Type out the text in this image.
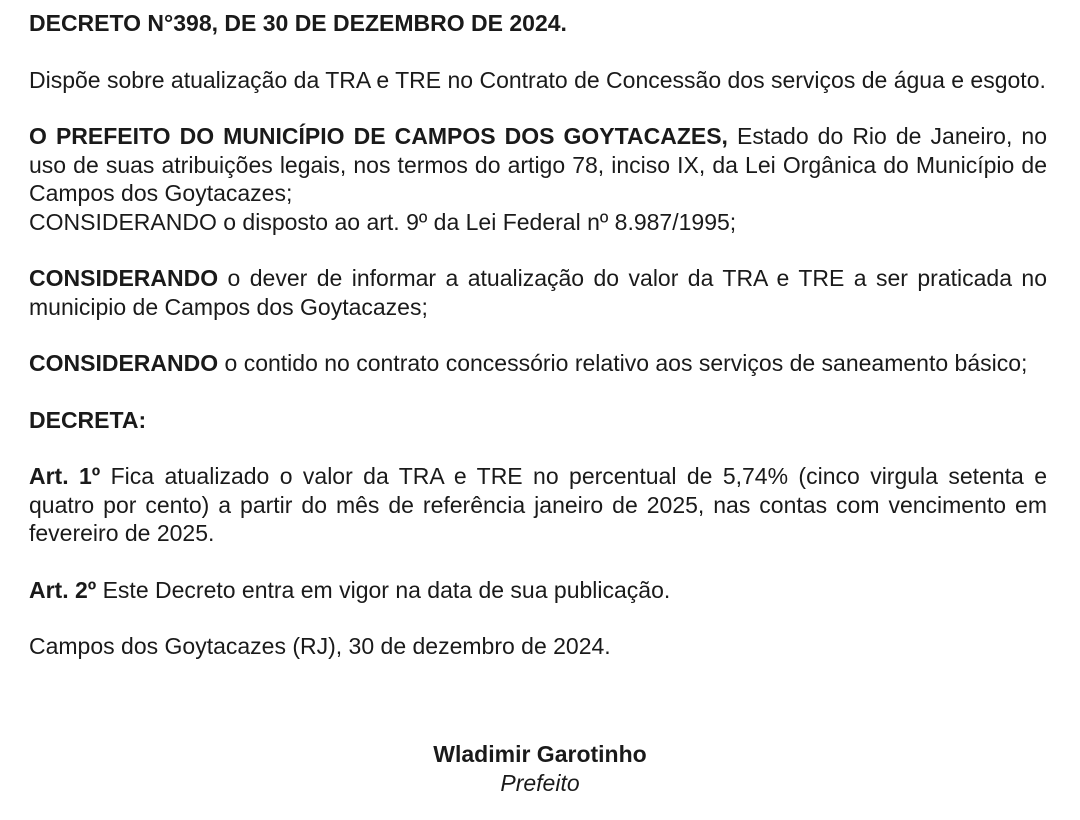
DECRETO N°398, DE 30 DE DEZEMBRO DE 2024.
Dispõe sobre atualização da TRA e TRE no Contrato de Concessão dos serviços de água e esgoto.
O PREFEITO DO MUNICÍPIO DE CAMPOS DOS GOYTACAZES, Estado do Rio de Janeiro, no uso de suas atribuições legais, nos termos do artigo 78, inciso IX, da Lei Orgânica do Município de Campos dos Goytacazes;
CONSIDERANDO o disposto ao art. 9º da Lei Federal nº 8.987/1995;
CONSIDERANDO o dever de informar a atualização do valor da TRA e TRE a ser praticada no municipio de Campos dos Goytacazes;
CONSIDERANDO o contido no contrato concessório relativo aos serviços de saneamento básico;
DECRETA:
Art. 1º Fica atualizado o valor da TRA e TRE no percentual de 5,74% (cinco virgula setenta e quatro por cento) a partir do mês de referência janeiro de 2025, nas contas com vencimento em fevereiro de 2025.
Art. 2º Este Decreto entra em vigor na data de sua publicação.
Campos dos Goytacazes (RJ), 30 de dezembro de 2024.
Wladimir Garotinho
Prefeito
